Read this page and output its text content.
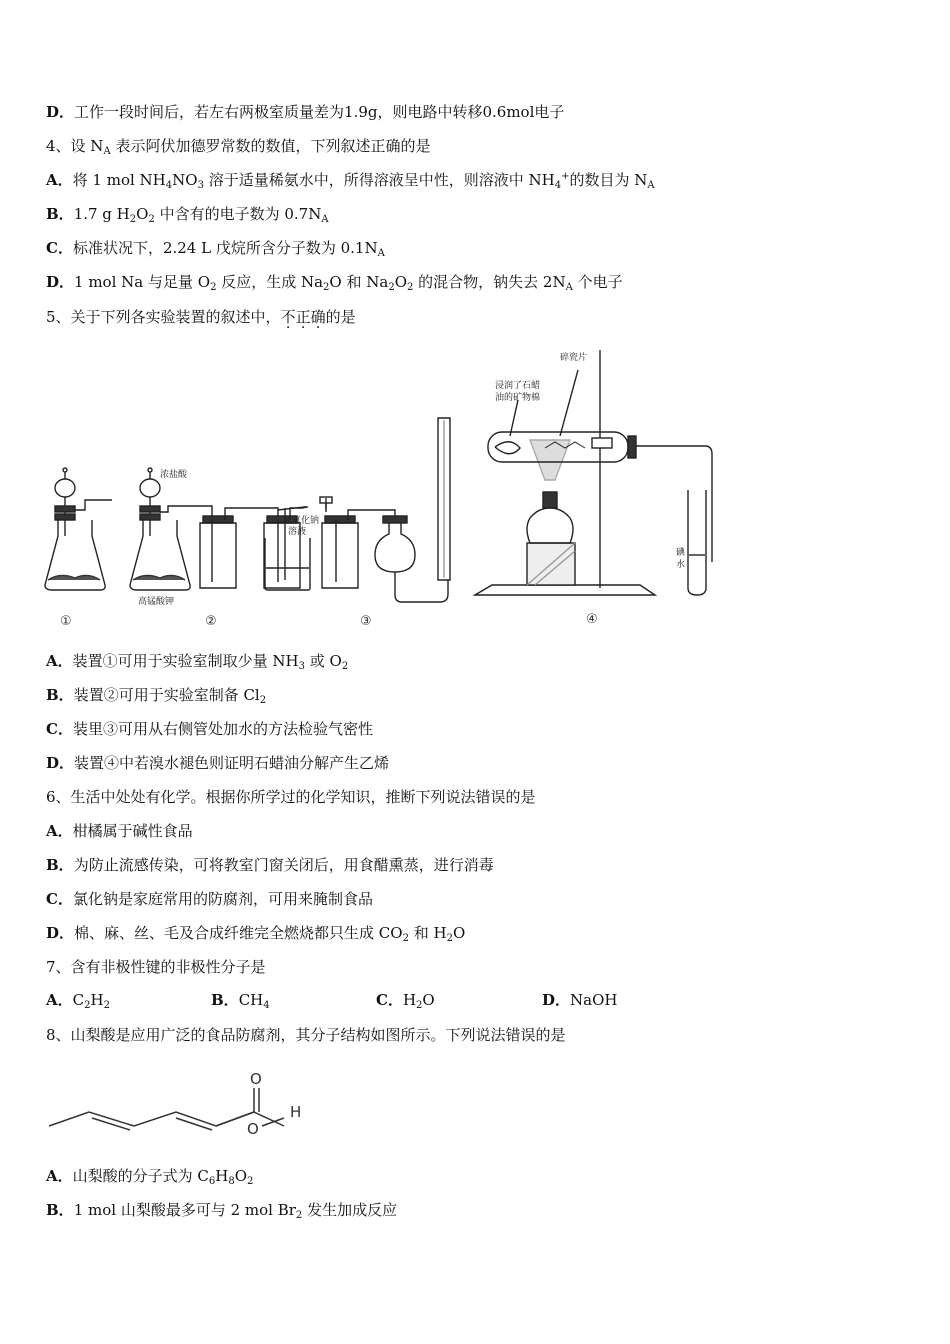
D．工作一段时间后，若左右两极室质量差为1.9g，则电路中转移0.6mol电子
4、设 $N_A$ 表示阿伏加德罗常数的数值，下列叙述正确的是
A．将 1 mol $NH_4NO_3$ 溶于适量稀氨水中，所得溶液呈中性，则溶液中 $NH_4^+$的数目为 $N_A$
B．1.7 g $H_2O_2$ 中含有的电子数为 $0.7N_A$
C．标准状况下，2.24 L 戊烷所含分子数为 $0.1N_A$
D．1 mol Na 与足量 $O_2$ 反应，生成 $Na_2O$ 和 $Na_2O_2$ 的混合物，钠失去 $2N_A$ 个电子
5、关于下列各实验装置的叙述中，不正确的是
浓盐酸
高锰酸钾
氢氧化钠
溶液
浸润了石蜡
油的矿物棉
碎瓷片
碘
水
①	②	③	④
A．装置①可用于实验室制取少量 $NH_3$ 或 $O_2$
B．装置②可用于实验室制备 $Cl_2$
C．装里③可用从右侧管处加水的方法检验气密性
D．装置④中若溴水褪色则证明石蜡油分解产生乙烯
6、生活中处处有化学。根据你所学过的化学知识，推断下列说法错误的是
A．柑橘属于碱性食品
B．为防止流感传染，可将教室门窗关闭后，用食醋熏蒸，进行消毒
C．氯化钠是家庭常用的防腐剂，可用来腌制食品
D．棉、麻、丝、毛及合成纤维完全燃烧都只生成 $CO_2$ 和 $H_2O$
7、含有非极性键的非极性分子是
A．$C_2H_2$	B．$CH_4$	C．$H_2O$	D．NaOH
8、山梨酸是应用广泛的食品防腐剂，其分子结构如图所示。下列说法错误的是
O
O
H
A．山梨酸的分子式为 $C_6H_8O_2$
B．1 mol 山梨酸最多可与 2 mol $Br_2$ 发生加成反应
